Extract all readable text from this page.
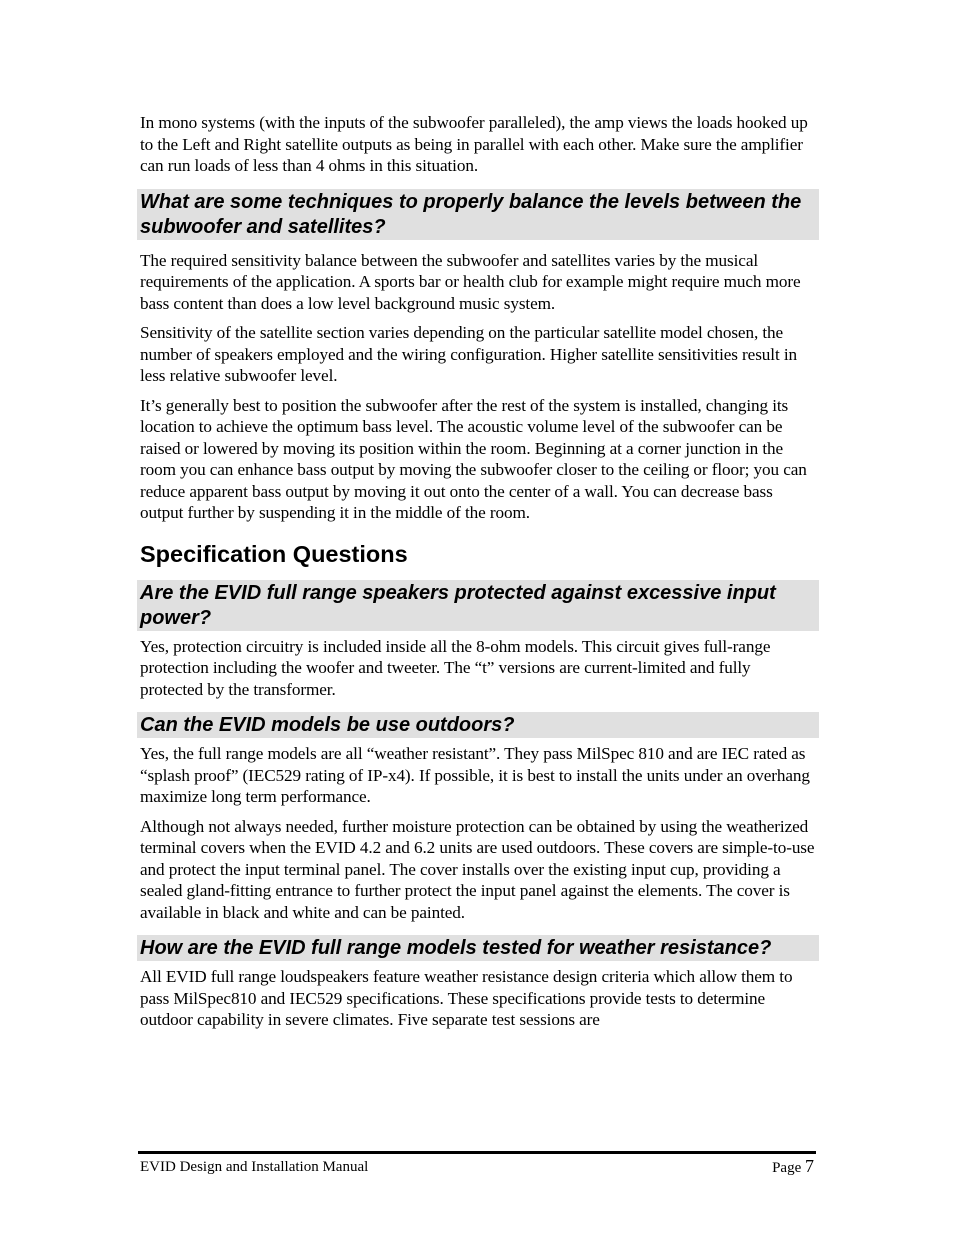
In mono systems (with the inputs of the subwoofer paralleled), the amp views the loads hooked up to the Left and Right satellite outputs as being in parallel with each other. Make sure the amplifier can run loads of less than 4 ohms in this situation.

What are some techniques to properly balance the levels between the subwoofer and satellites?

The required sensitivity balance between the subwoofer and satellites varies by the musical requirements of the application. A sports bar or health club for example might require much more bass content than does a low level background music system.

Sensitivity of the satellite section varies depending on the particular satellite model chosen, the number of speakers employed and the wiring configuration. Higher satellite sensitivities result in less relative subwoofer level.

It’s generally best to position the subwoofer after the rest of the system is installed, changing its location to achieve the optimum bass level. The acoustic volume level of the subwoofer can be raised or lowered by moving its position within the room. Beginning at a corner junction in the room you can enhance bass output by moving the subwoofer closer to the ceiling or floor; you can reduce apparent bass output by moving it out onto the center of a wall. You can decrease bass output further by suspending it in the middle of the room.

Specification Questions
Are the EVID full range speakers protected against excessive input power?

Yes, protection circuitry is included inside all the 8-ohm models. This circuit gives full-range protection including the woofer and tweeter. The “t” versions are current-limited and fully protected by the transformer.

Can the EVID models be use outdoors?

Yes, the full range models are all “weather resistant”. They pass MilSpec 810 and are IEC rated as “splash proof” (IEC529 rating of IP-x4). If possible, it is best to install the units under an overhang maximize long term performance.

Although not always needed, further moisture protection can be obtained by using the weatherized terminal covers when the EVID 4.2 and 6.2 units are used outdoors. These covers are simple-to-use and protect the input terminal panel. The cover installs over the existing input cup, providing a sealed gland-fitting entrance to further protect the input panel against the elements. The cover is available in black and white and can be painted.

How are the EVID full range models tested for weather resistance?

All EVID full range loudspeakers feature weather resistance design criteria which allow them to pass MilSpec810 and IEC529 specifications. These specifications provide tests to determine outdoor capability in severe climates. Five separate test sessions are

EVID Design and Installation Manual	Page 7
